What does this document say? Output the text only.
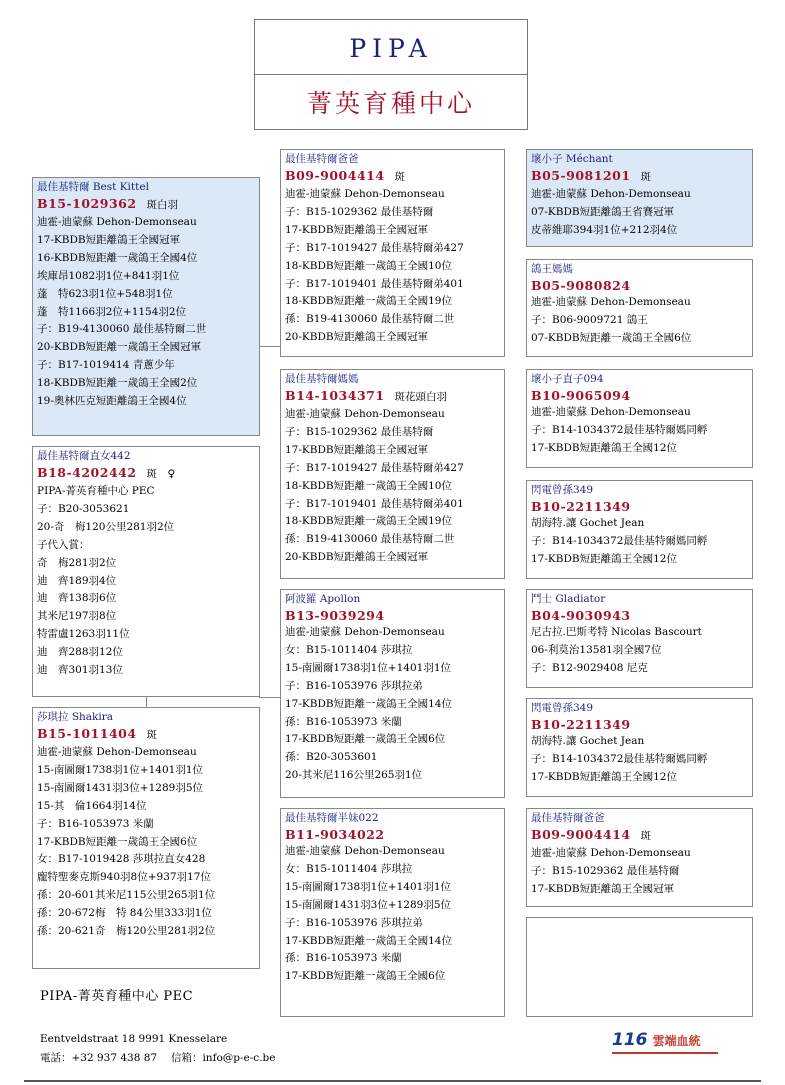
PIPA
菁英育種中心
最佳基特爾 Best Kittel
B15-1029362 斑白羽
迪霍-迪蒙蘇 Dehon-Demonseau
17-KBDB短距離鴿王全國冠軍
16-KBDB短距離一歲鴿王全國4位
埃庫昂1082羽1位+841羽1位
蓬　特623羽1位+548羽1位
蓬　特1166羽2位+1154羽2位
子：B19-4130060 最佳基特爾二世
20-KBDB短距離一歲鴿王全國冠軍
子：B17-1019414 青蔥少年
18-KBDB短距離一歲鴿王全國2位
19-奧林匹克短距離鴿王全國4位
最佳基特爾直女442
B18-4202442 斑　♀
PIPA-菁英育種中心 PEC
子：B20-3053621
20-奇　梅120公里281羽2位
子代入賞：
奇　梅281羽2位
迪　齊189羽4位
迪　齊138羽6位
其米尼197羽8位
特雷盧1263羽11位
迪　齊288羽12位
迪　齊301羽13位
莎琪拉 Shakira
B15-1011404 斑
迪霍-迪蒙蘇 Dehon-Demonseau
15-南圖爾1738羽1位+1401羽1位
15-南圖爾1431羽3位+1289羽5位
15-其　倫1664羽14位
子：B16-1053973 米蘭
17-KBDB短距離一歲鴿王全國6位
女：B17-1019428 莎琪拉直女428
龐特聖麥克斯940羽8位+937羽17位
孫：20-601其米尼115公里265羽1位
孫：20-672梅　特 84公里333羽1位
孫：20-621奇　梅120公里281羽2位
最佳基特爾爸爸
B09-9004414 斑
迪霍-迪蒙蘇 Dehon-Demonseau
子：B15-1029362 最佳基特爾
17-KBDB短距離鴿王全國冠軍
子：B17-1019427 最佳基特爾弟427
18-KBDB短距離一歲鴿王全國10位
子：B17-1019401 最佳基特爾弟401
18-KBDB短距離一歲鴿王全國19位
孫：B19-4130060 最佳基特爾二世
20-KBDB短距離鴿王全國冠軍
最佳基特爾媽媽
B14-1034371 斑花頭白羽
迪霍-迪蒙蘇 Dehon-Demonseau
子：B15-1029362 最佳基特爾
17-KBDB短距離鴿王全國冠軍
子：B17-1019427 最佳基特爾弟427
18-KBDB短距離一歲鴿王全國10位
子：B17-1019401 最佳基特爾弟401
18-KBDB短距離一歲鴿王全國19位
孫：B19-4130060 最佳基特爾二世
20-KBDB短距離鴿王全國冠軍
阿波羅 Apollon
B13-9039294
迪霍-迪蒙蘇 Dehon-Demonseau
女：B15-1011404 莎琪拉
15-南圖爾1738羽1位+1401羽1位
子：B16-1053976 莎琪拉弟
17-KBDB短距離一歲鴿王全國14位
孫：B16-1053973 米蘭
17-KBDB短距離一歲鴿王全國6位
孫：B20-3053601
20-其米尼116公里265羽1位
最佳基特爾半妹022
B11-9034022
迪霍-迪蒙蘇 Dehon-Demonseau
女：B15-1011404 莎琪拉
15-南圖爾1738羽1位+1401羽1位
15-南圖爾1431羽3位+1289羽5位
子：B16-1053976 莎琪拉弟
17-KBDB短距離一歲鴿王全國14位
孫：B16-1053973 米蘭
17-KBDB短距離一歲鴿王全國6位
壞小子 Méchant
B05-9081201 斑
迪霍-迪蒙蘇 Dehon-Demonseau
07-KBDB短距離鴿王省賽冠軍
皮蒂維耶394羽1位+212羽4位
鴿王媽媽
B05-9080824
迪霍-迪蒙蘇 Dehon-Demonseau
子：B06-9009721 鴿王
07-KBDB短距離一歲鴿王全國6位
壞小子直子094
B10-9065094
迪霍-迪蒙蘇 Dehon-Demonseau
子：B14-1034372最佳基特爾媽同孵
17-KBDB短距離鴿王全國12位
閃電曾孫349
B10-2211349
胡海特.讓 Gochet Jean
子：B14-1034372最佳基特爾媽同孵
17-KBDB短距離鴿王全國12位
鬥士 Gladiator
B04-9030943
尼古拉.巴斯考特 Nicolas Bascourt
06-利莫治13581羽全國7位
子：B12-9029408 尼克
閃電曾孫349
B10-2211349
胡海特.讓 Gochet Jean
子：B14-1034372最佳基特爾媽同孵
17-KBDB短距離鴿王全國12位
最佳基特爾爸爸
B09-9004414 斑
迪霍-迪蒙蘇 Dehon-Demonseau
子：B15-1029362 最佳基特爾
17-KBDB短距離鴿王全國冠軍
PIPA-菁英育種中心 PEC
Eentveldstraat 18 9991 Knesselare
電話：+32 937 438 87　 信箱：info@p-e-c.be
116 雲端血統
